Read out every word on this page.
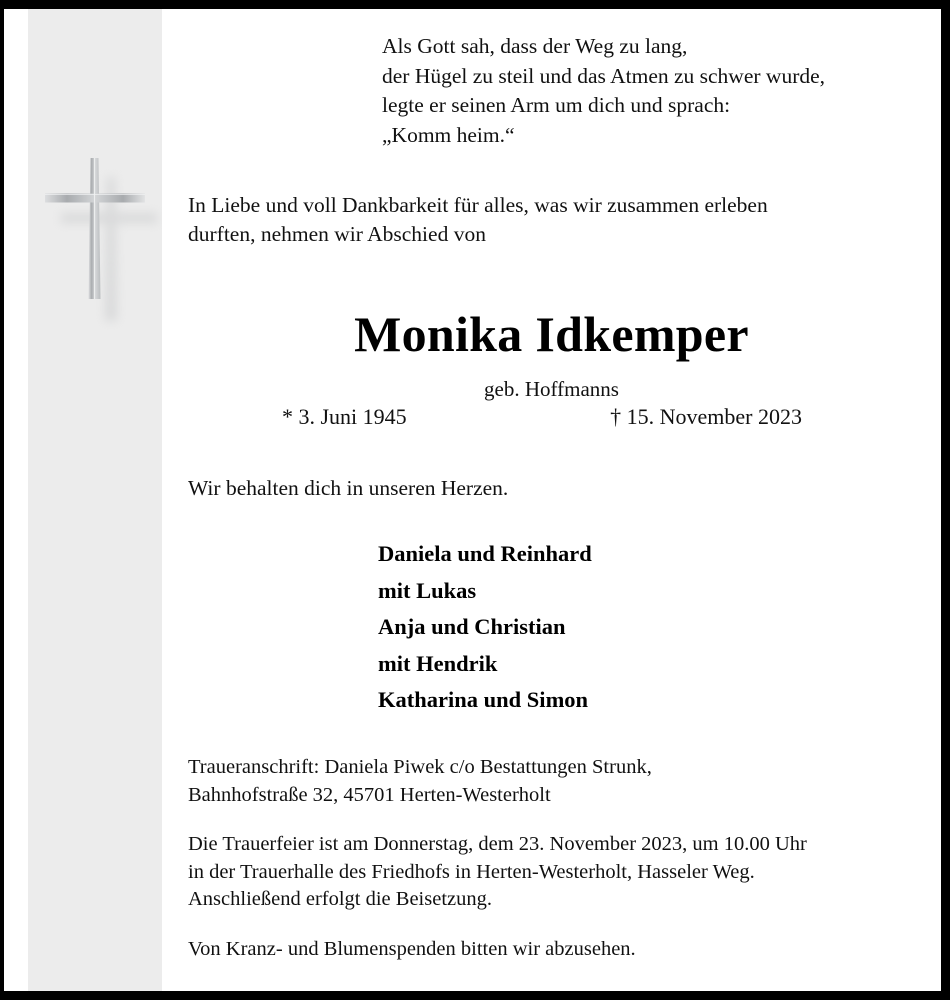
Als Gott sah, dass der Weg zu lang,
der Hügel zu steil und das Atmen zu schwer wurde,
legte er seinen Arm um dich und sprach:
„Komm heim.“
In Liebe und voll Dankbarkeit für alles, was wir zusammen erleben
durften, nehmen wir Abschied von
Monika Idkemper
geb. Hoffmanns
* 3. Juni 1945	† 15. November 2023
Wir behalten dich in unseren Herzen.
Daniela und Reinhard
mit Lukas
Anja und Christian
mit Hendrik
Katharina und Simon
Traueranschrift: Daniela Piwek c/o Bestattungen Strunk,
Bahnhofstraße 32, 45701 Herten-Westerholt
Die Trauerfeier ist am Donnerstag, dem 23. November 2023, um 10.00 Uhr
in der Trauerhalle des Friedhofs in Herten-Westerholt, Hasseler Weg.
Anschließend erfolgt die Beisetzung.
Von Kranz- und Blumenspenden bitten wir abzusehen.
